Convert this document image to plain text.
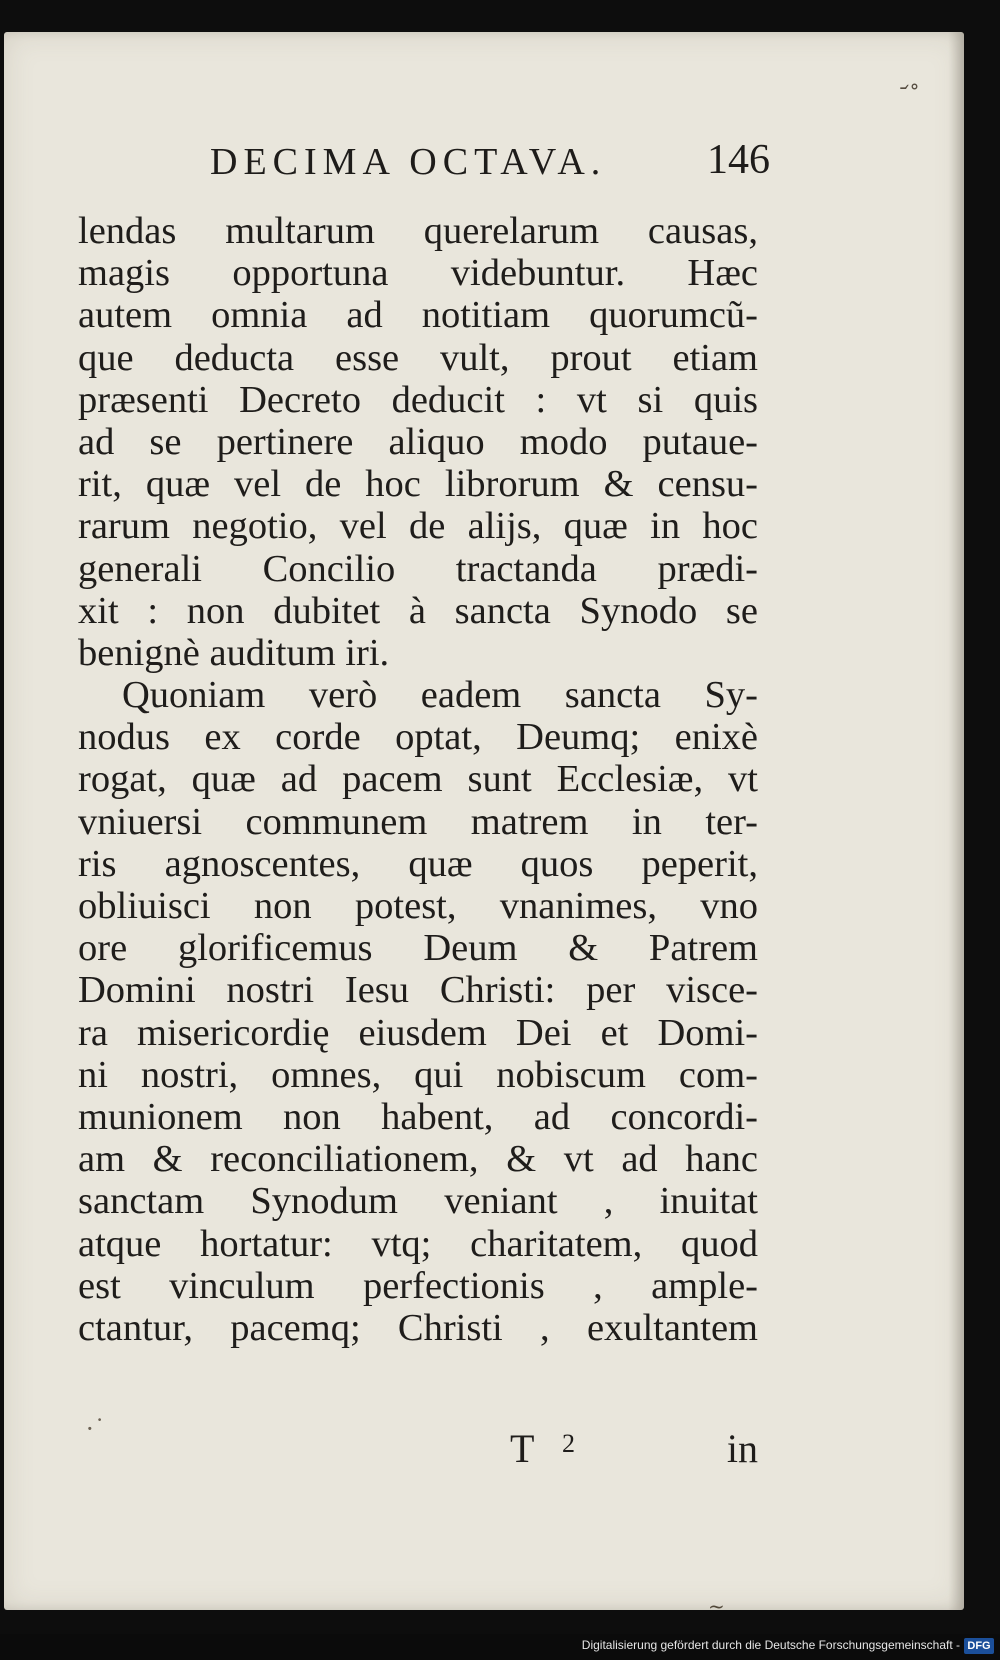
᷄˚
DECIMA OCTAVA. 146
lendas multarum querelarum causas,
magis opportuna videbuntur. Hæc
autem omnia ad notitiam quorumcũ-
que deducta esse vult, prout etiam
præsenti Decreto deducit : vt si quis
ad se pertinere aliquo modo putaue-
rit, quæ vel de hoc librorum & censu-
rarum negotio, vel de alijs, quæ in hoc
generali Concilio tractanda prædi-
xit : non dubitet à sancta Synodo se
benignè auditum iri.
Quoniam verò eadem sancta Sy-
nodus ex corde optat, Deumq; enixè
rogat, quæ ad pacem sunt Ecclesiæ, vt
vniuersi communem matrem in ter-
ris agnoscentes, quæ quos peperit,
obliuisci non potest, vnanimes, vno
ore glorificemus Deum & Patrem
Domini nostri Iesu Christi: per visce-
ra misericordię eiusdem Dei et Domi-
ni nostri, omnes, qui nobiscum com-
munionem non habent, ad concordi-
am & reconciliationem, & vt ad hanc
sanctam Synodum veniant , inuitat
atque hortatur: vtq; charitatem, quod
est vinculum perfectionis , ample-
ctantur, pacemq; Christi , exultantem
·˙	T 2	in
~
Digitalisierung gefördert durch die Deutsche Forschungsgemeinschaft - DFG
